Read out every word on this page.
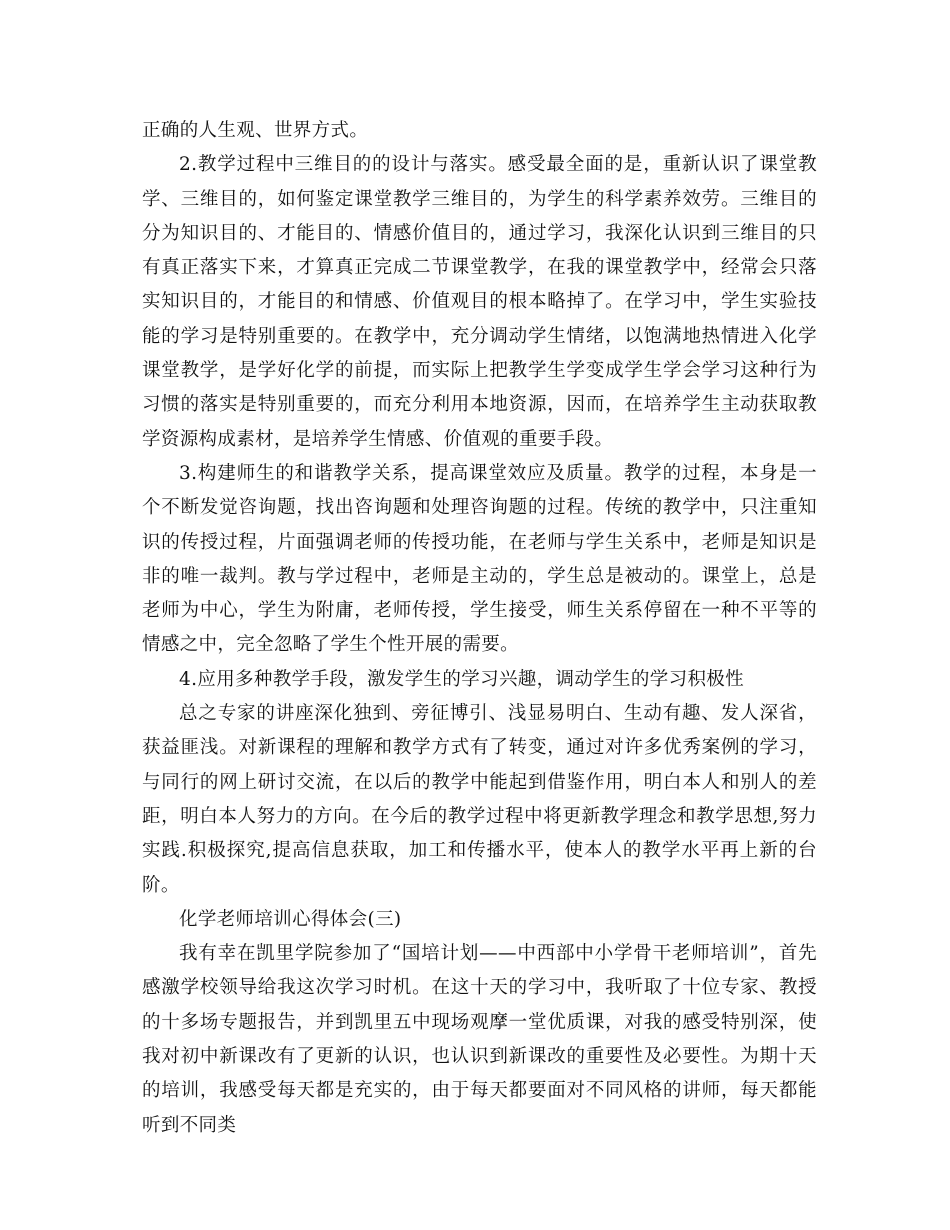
正确的人生观、世界方式。

2.教学过程中三维目的的设计与落实。感受最全面的是，重新认识了课堂教学、三维目的，如何鉴定课堂教学三维目的，为学生的科学素养效劳。三维目的分为知识目的、才能目的、情感价值目的，通过学习，我深化认识到三维目的只有真正落实下来，才算真正完成二节课堂教学，在我的课堂教学中，经常会只落实知识目的，才能目的和情感、价值观目的根本略掉了。在学习中，学生实验技能的学习是特别重要的。在教学中，充分调动学生情绪，以饱满地热情进入化学课堂教学，是学好化学的前提，而实际上把教学生学变成学生学会学习这种行为习惯的落实是特别重要的，而充分利用本地资源，因而，在培养学生主动获取教学资源构成素材，是培养学生情感、价值观的重要手段。

3.构建师生的和谐教学关系，提高课堂效应及质量。教学的过程，本身是一个不断发觉咨询题，找出咨询题和处理咨询题的过程。传统的教学中，只注重知识的传授过程，片面强调老师的传授功能，在老师与学生关系中，老师是知识是非的唯一裁判。教与学过程中，老师是主动的，学生总是被动的。课堂上，总是老师为中心，学生为附庸，老师传授，学生接受，师生关系停留在一种不平等的情感之中，完全忽略了学生个性开展的需要。

4.应用多种教学手段，激发学生的学习兴趣，调动学生的学习积极性

总之专家的讲座深化独到、旁征博引、浅显易明白、生动有趣、发人深省，获益匪浅。对新课程的理解和教学方式有了转变，通过对许多优秀案例的学习，与同行的网上研讨交流，在以后的教学中能起到借鉴作用，明白本人和别人的差距，明白本人努力的方向。在今后的教学过程中将更新教学理念和教学思想,努力实践.积极探究,提高信息获取，加工和传播水平，使本人的教学水平再上新的台阶。

化学老师培训心得体会(三)

我有幸在凯里学院参加了“国培计划——中西部中小学骨干老师培训”，首先感激学校领导给我这次学习时机。在这十天的学习中，我听取了十位专家、教授的十多场专题报告，并到凯里五中现场观摩一堂优质课，对我的感受特别深，使我对初中新课改有了更新的认识，也认识到新课改的重要性及必要性。为期十天的培训，我感受每天都是充实的，由于每天都要面对不同风格的讲师，每天都能听到不同类
